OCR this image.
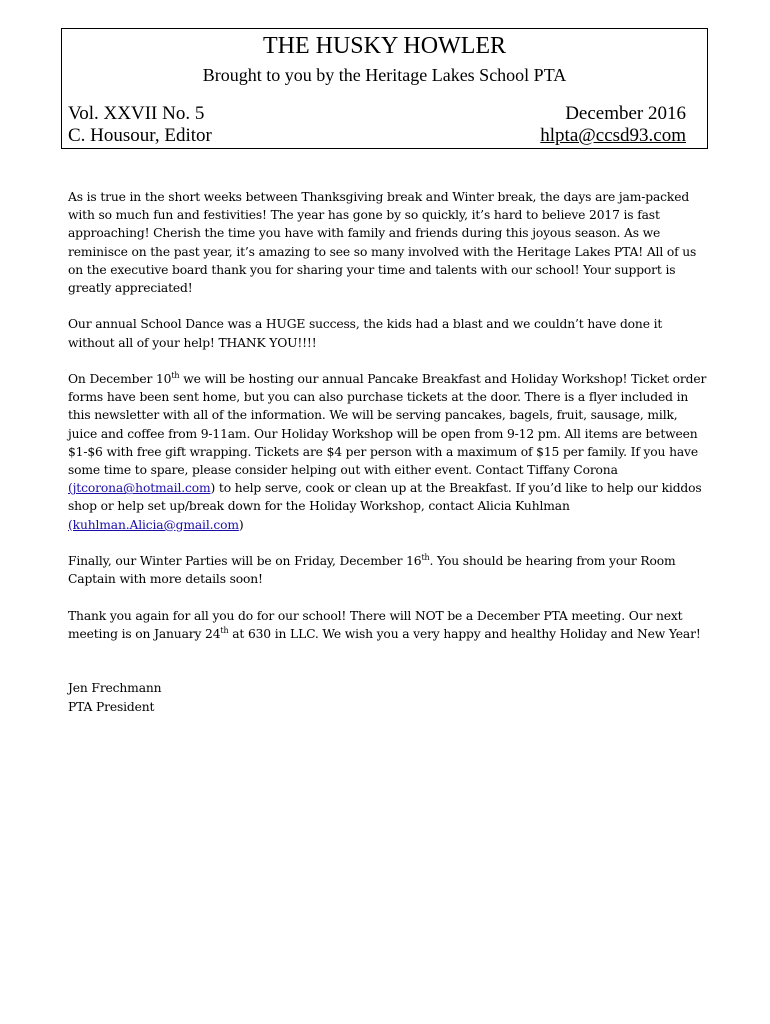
THE HUSKY HOWLER
Brought to you by the Heritage Lakes School PTA
Vol. XXVII No. 5	December 2016
C. Housour, Editor	hlpta@ccsd93.com

As is true in the short weeks between Thanksgiving break and Winter break, the days are jam-packed with so much fun and festivities! The year has gone by so quickly, it’s hard to believe 2017 is fast approaching! Cherish the time you have with family and friends during this joyous season. As we reminisce on the past year, it’s amazing to see so many involved with the Heritage Lakes PTA! All of us on the executive board thank you for sharing your time and talents with our school! Your support is greatly appreciated!

Our annual School Dance was a HUGE success, the kids had a blast and we couldn’t have done it without all of your help! THANK YOU!!!!

On December 10th we will be hosting our annual Pancake Breakfast and Holiday Workshop! Ticket order forms have been sent home, but you can also purchase tickets at the door. There is a flyer included in this newsletter with all of the information. We will be serving pancakes, bagels, fruit, sausage, milk, juice and coffee from 9-11am. Our Holiday Workshop will be open from 9-12 pm. All items are between $1-$6 with free gift wrapping. Tickets are $4 per person with a maximum of $15 per family. If you have some time to spare, please consider helping out with either event. Contact Tiffany Corona (jtcorona@hotmail.com) to help serve, cook or clean up at the Breakfast. If you’d like to help our kiddos shop or help set up/break down for the Holiday Workshop, contact Alicia Kuhlman (kuhlman.Alicia@gmail.com)

Finally, our Winter Parties will be on Friday, December 16th. You should be hearing from your Room Captain with more details soon!

Thank you again for all you do for our school! There will NOT be a December PTA meeting. Our next meeting is on January 24th at 630 in LLC. We wish you a very happy and healthy Holiday and New Year!

Jen Frechmann
PTA President
